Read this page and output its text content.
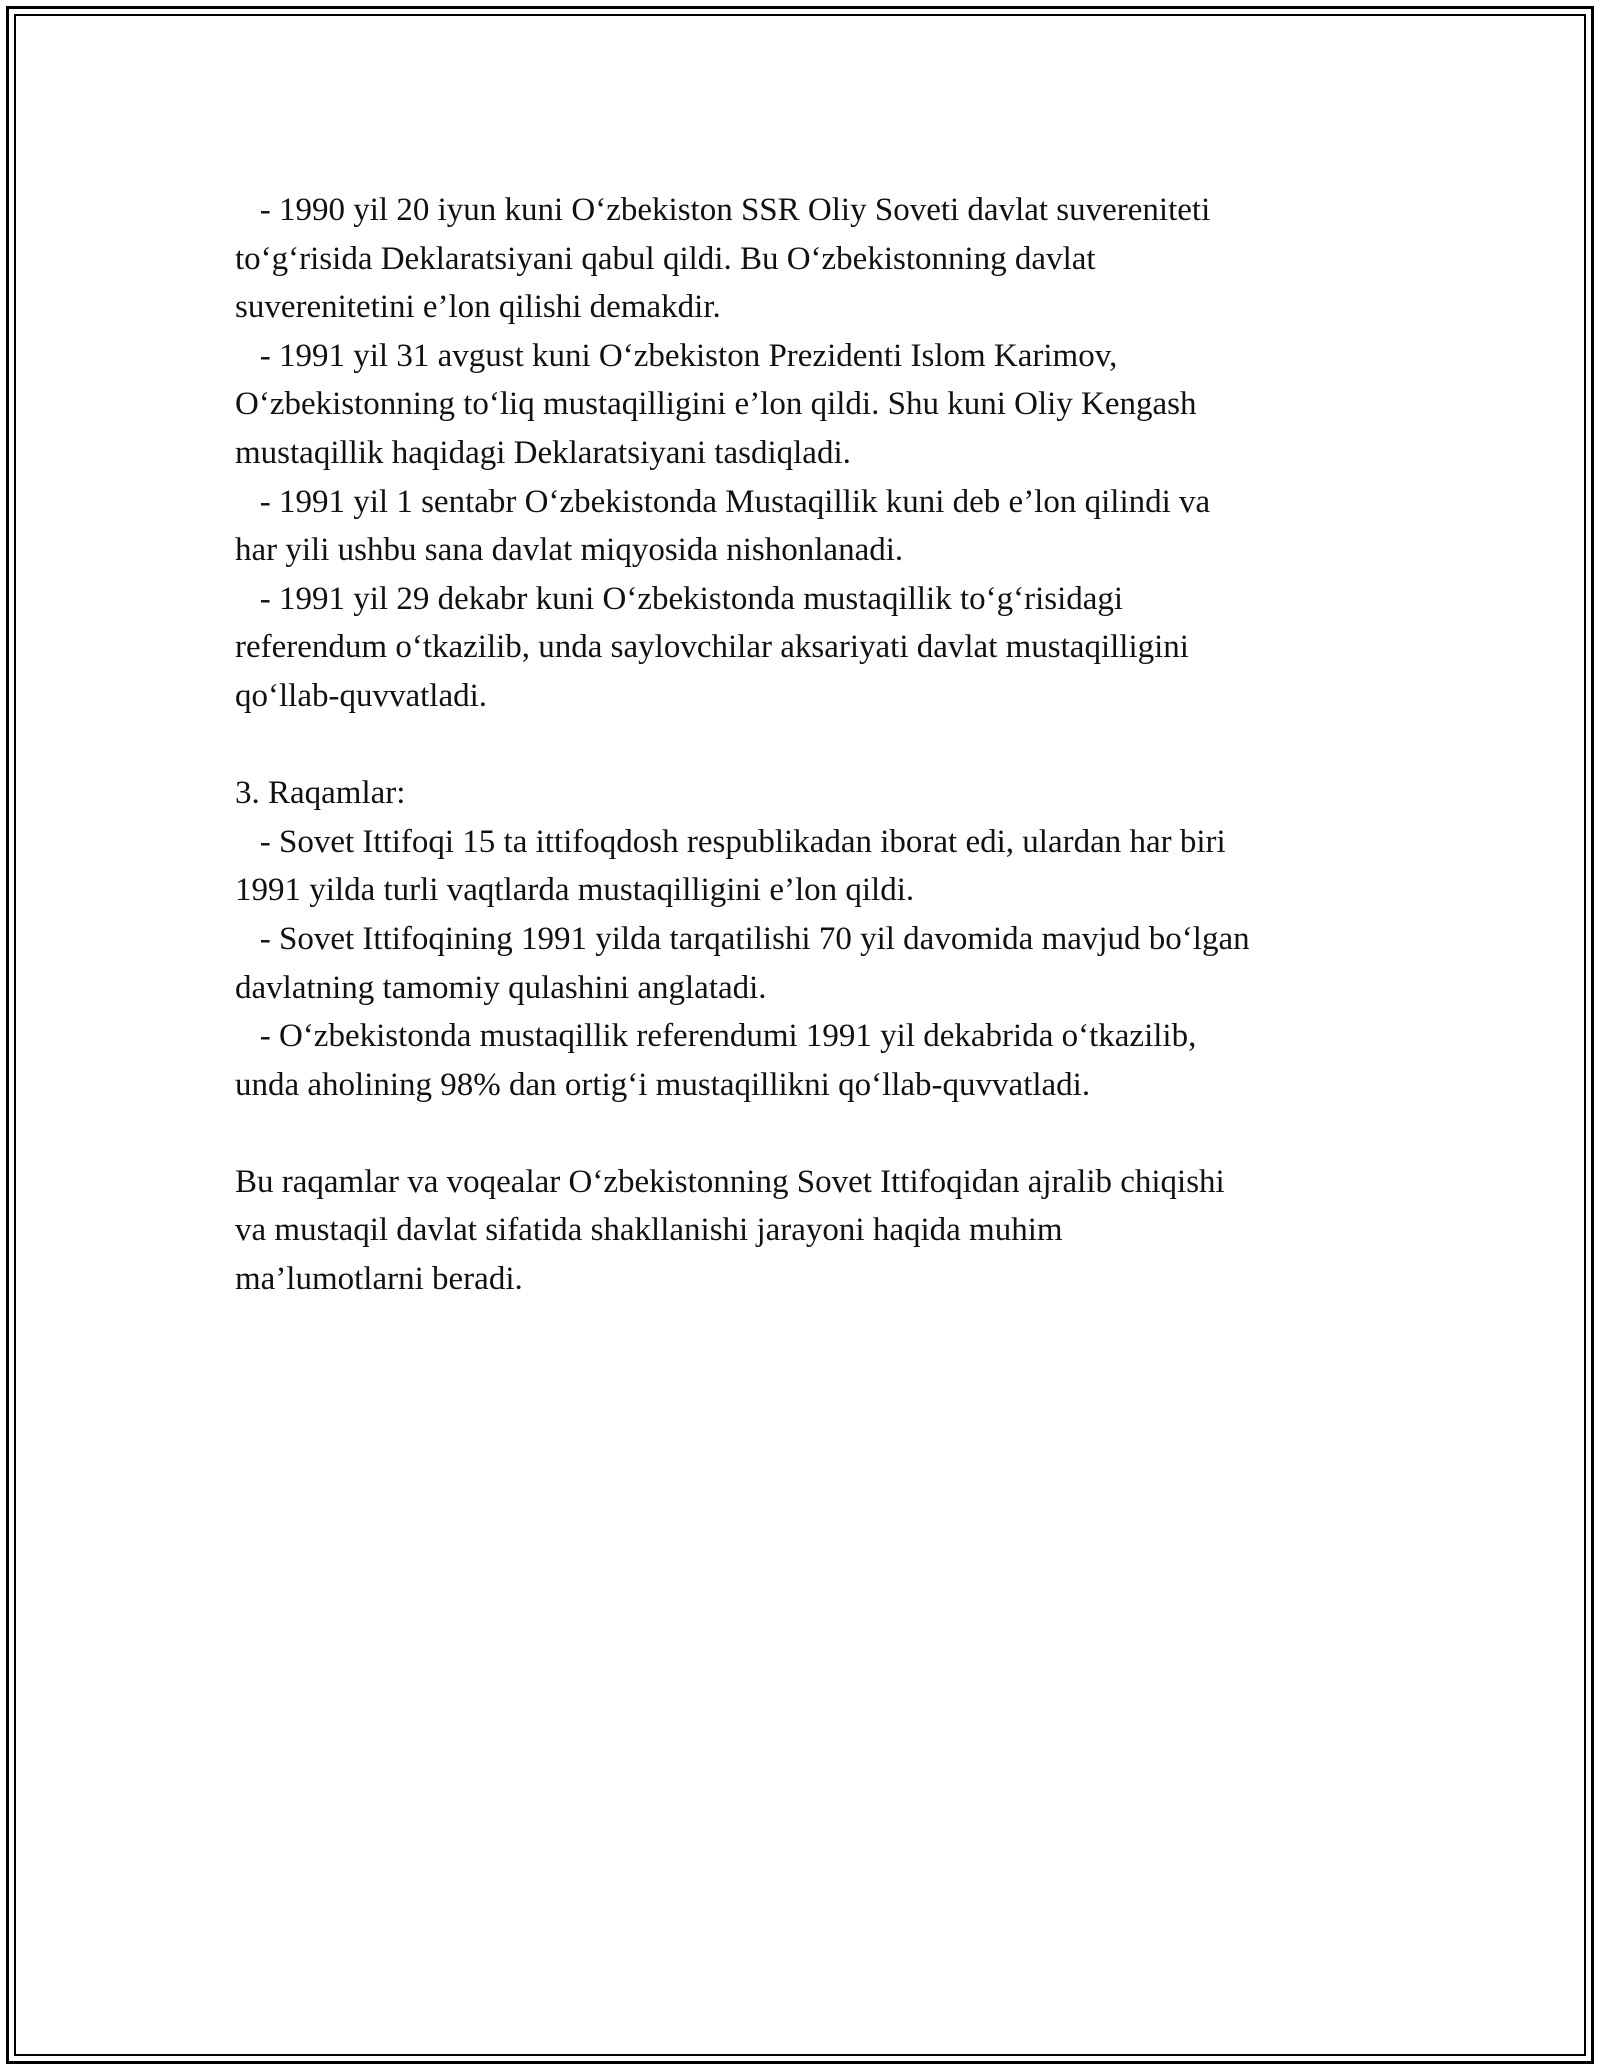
- 1990 yil 20 iyun kuni O‘zbekiston SSR Oliy Soveti davlat suvereniteti
to‘g‘risida Deklaratsiyani qabul qildi. Bu O‘zbekistonning davlat
suverenitetini e’lon qilishi demakdir.
- 1991 yil 31 avgust kuni O‘zbekiston Prezidenti Islom Karimov,
O‘zbekistonning to‘liq mustaqilligini e’lon qildi. Shu kuni Oliy Kengash
mustaqillik haqidagi Deklaratsiyani tasdiqladi.
- 1991 yil 1 sentabr O‘zbekistonda Mustaqillik kuni deb e’lon qilindi va
har yili ushbu sana davlat miqyosida nishonlanadi.
- 1991 yil 29 dekabr kuni O‘zbekistonda mustaqillik to‘g‘risidagi
referendum o‘tkazilib, unda saylovchilar aksariyati davlat mustaqilligini
qo‘llab-quvvatladi.
3. Raqamlar:
- Sovet Ittifoqi 15 ta ittifoqdosh respublikadan iborat edi, ulardan har biri
1991 yilda turli vaqtlarda mustaqilligini e’lon qildi.
- Sovet Ittifoqining 1991 yilda tarqatilishi 70 yil davomida mavjud bo‘lgan
davlatning tamomiy qulashini anglatadi.
- O‘zbekistonda mustaqillik referendumi 1991 yil dekabrida o‘tkazilib,
unda aholining 98% dan ortig‘i mustaqillikni qo‘llab-quvvatladi.
Bu raqamlar va voqealar O‘zbekistonning Sovet Ittifoqidan ajralib chiqishi
va mustaqil davlat sifatida shakllanishi jarayoni haqida muhim
ma’lumotlarni beradi.
